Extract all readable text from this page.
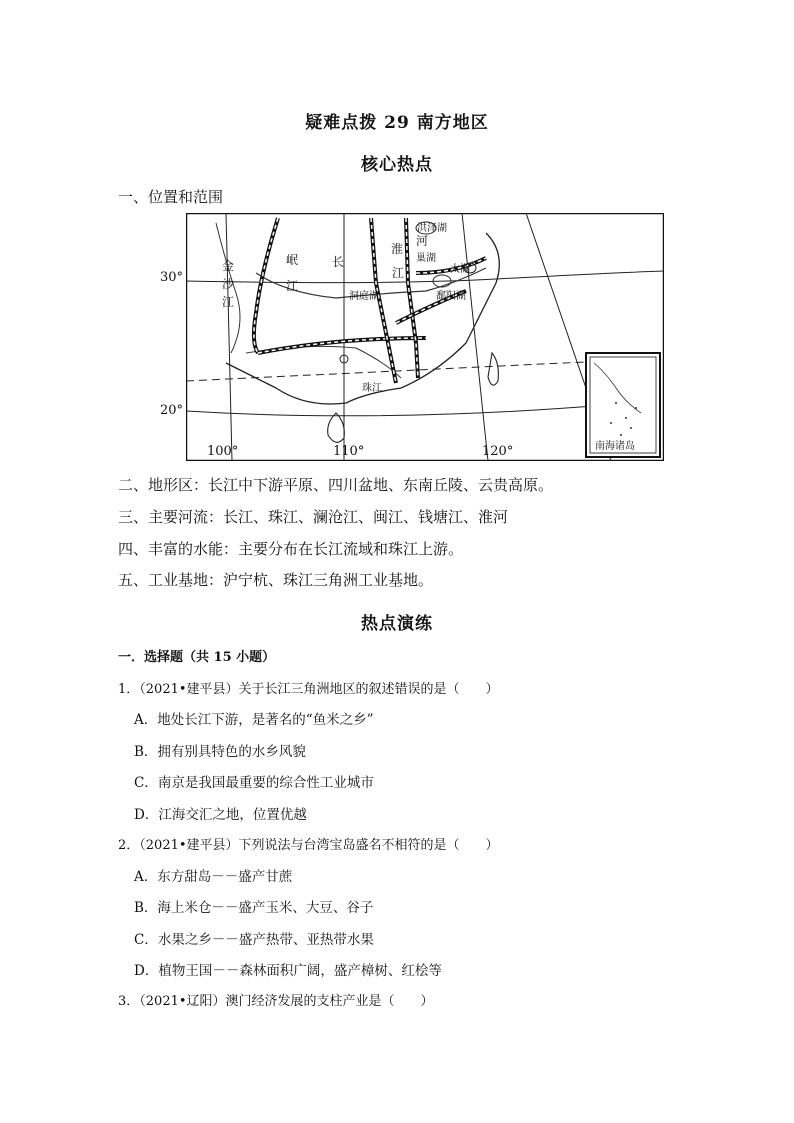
疑难点拨 29 南方地区
核心热点
一、位置和范围
金
沙
江
岷
江
长
江
淮
河
洪泽湖
巢湖
太湖
洞庭湖	鄱阳湖
珠江
南海诸岛
30°
20°
100°	110°	120°
二、地形区：长江中下游平原、四川盆地、东南丘陵、云贵高原。
三、主要河流：长江、珠江、澜沧江、闽江、钱塘江、淮河
四、丰富的水能：主要分布在长江流域和珠江上游。
五、工业基地：沪宁杭、珠江三角洲工业基地。
热点演练
一．选择题（共 15 小题）
1．（2021•建平县）关于长江三角洲地区的叙述错误的是（　　）
A．地处长江下游，是著名的“鱼米之乡”
B．拥有别具特色的水乡风貌
C．南京是我国最重要的综合性工业城市
D．江海交汇之地，位置优越
2．（2021•建平县）下列说法与台湾宝岛盛名不相符的是（　　）
A．东方甜岛－－盛产甘蔗
B．海上米仓－－盛产玉米、大豆、谷子
C．水果之乡－－盛产热带、亚热带水果
D．植物王国－－森林面积广阔，盛产樟树、红桧等
3．（2021•辽阳）澳门经济发展的支柱产业是（　　）
